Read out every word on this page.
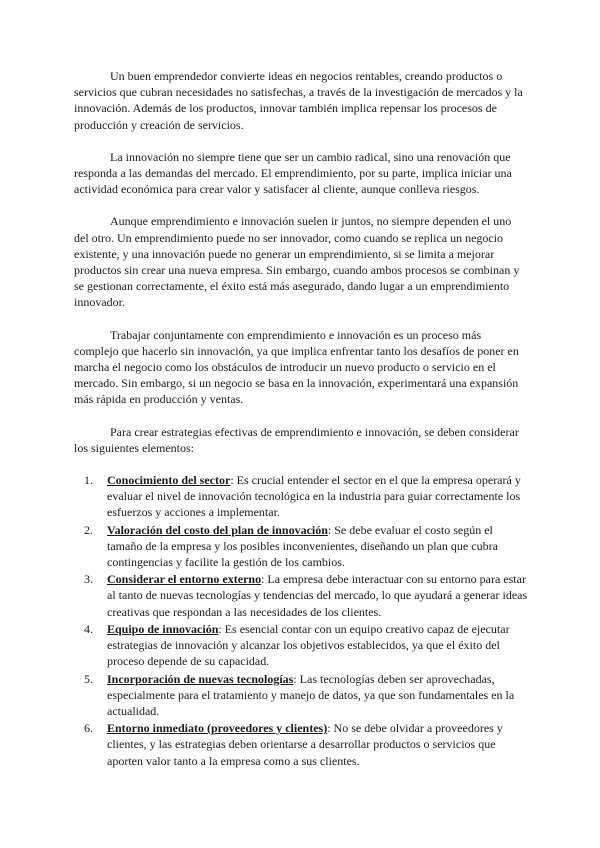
Un buen emprendedor convierte ideas en negocios rentables, creando productos o servicios que cubran necesidades no satisfechas, a través de la investigación de mercados y la innovación. Además de los productos, innovar también implica repensar los procesos de producción y creación de servicios.

La innovación no siempre tiene que ser un cambio radical, sino una renovación que responda a las demandas del mercado. El emprendimiento, por su parte, implica iniciar una actividad económica para crear valor y satisfacer al cliente, aunque conlleva riesgos.

Aunque emprendimiento e innovación suelen ir juntos, no siempre dependen el uno del otro. Un emprendimiento puede no ser innovador, como cuando se replica un negocio existente, y una innovación puede no generar un emprendimiento, si se limita a mejorar productos sin crear una nueva empresa. Sin embargo, cuando ambos procesos se combinan y se gestionan correctamente, el éxito está más asegurado, dando lugar a un emprendimiento innovador.

Trabajar conjuntamente con emprendimiento e innovación es un proceso más complejo que hacerlo sin innovación, ya que implica enfrentar tanto los desafíos de poner en marcha el negocio como los obstáculos de introducir un nuevo producto o servicio en el mercado. Sin embargo, si un negocio se basa en la innovación, experimentará una expansión más rápida en producción y ventas.

Para crear estrategias efectivas de emprendimiento e innovación, se deben considerar los siguientes elementos:

1. Conocimiento del sector: Es crucial entender el sector en el que la empresa operará y evaluar el nivel de innovación tecnológica en la industria para guiar correctamente los esfuerzos y acciones a implementar.
2. Valoración del costo del plan de innovación: Se debe evaluar el costo según el tamaño de la empresa y los posibles inconvenientes, diseñando un plan que cubra contingencias y facilite la gestión de los cambios.
3. Considerar el entorno externo: La empresa debe interactuar con su entorno para estar al tanto de nuevas tecnologías y tendencias del mercado, lo que ayudará a generar ideas creativas que respondan a las necesidades de los clientes.
4. Equipo de innovación: Es esencial contar con un equipo creativo capaz de ejecutar estrategias de innovación y alcanzar los objetivos establecidos, ya que el éxito del proceso depende de su capacidad.
5. Incorporación de nuevas tecnologías: Las tecnologías deben ser aprovechadas, especialmente para el tratamiento y manejo de datos, ya que son fundamentales en la actualidad.
6. Entorno inmediato (proveedores y clientes): No se debe olvidar a proveedores y clientes, y las estrategias deben orientarse a desarrollar productos o servicios que aporten valor tanto a la empresa como a sus clientes.
